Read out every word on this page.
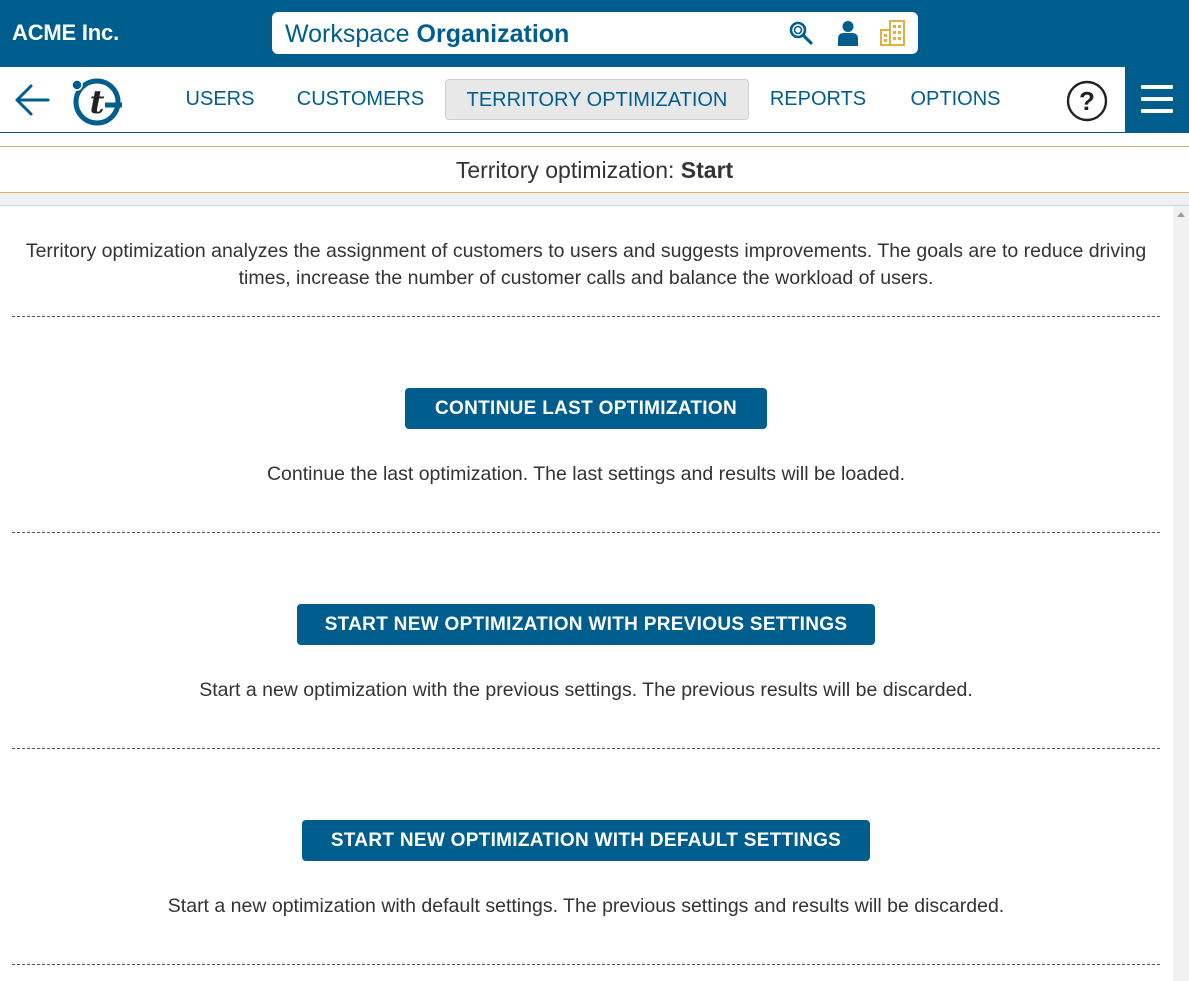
ACME Inc.	Workspace Organization
t	USERS	CUSTOMERS	TERRITORY OPTIMIZATION	REPORTS	OPTIONS	?
Territory optimization: Start
Territory optimization analyzes the assignment of customers to users and suggests improvements. The goals are to reduce driving times, increase the number of customer calls and balance the workload of users.
CONTINUE LAST OPTIMIZATION
Continue the last optimization. The last settings and results will be loaded.
START NEW OPTIMIZATION WITH PREVIOUS SETTINGS
Start a new optimization with the previous settings. The previous results will be discarded.
START NEW OPTIMIZATION WITH DEFAULT SETTINGS
Start a new optimization with default settings. The previous settings and results will be discarded.
